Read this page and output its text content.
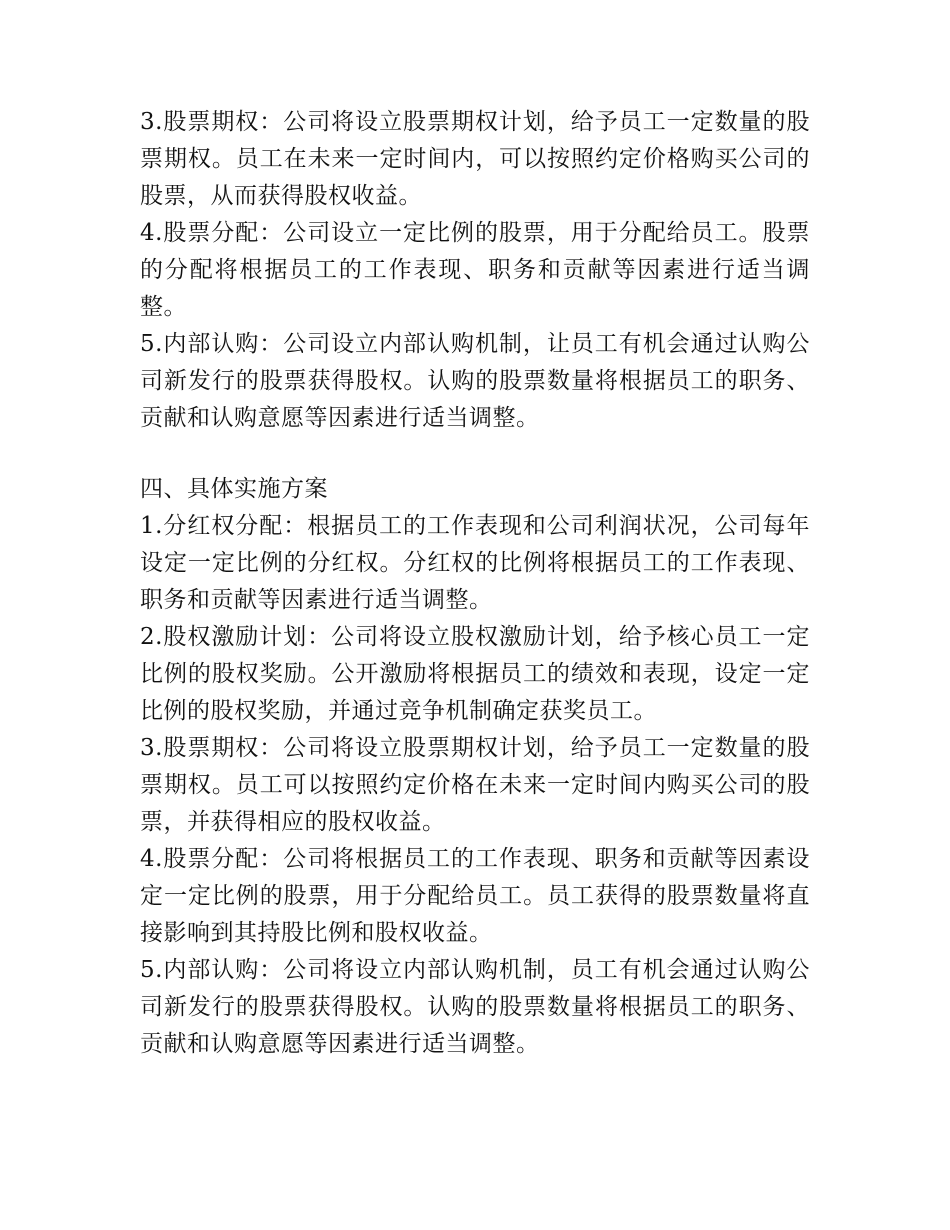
3.股票期权：公司将设立股票期权计划，给予员工一定数量的股票期权。员工在未来一定时间内，可以按照约定价格购买公司的股票，从而获得股权收益。

4.股票分配：公司设立一定比例的股票，用于分配给员工。股票的分配将根据员工的工作表现、职务和贡献等因素进行适当调整。

5.内部认购：公司设立内部认购机制，让员工有机会通过认购公司新发行的股票获得股权。认购的股票数量将根据员工的职务、贡献和认购意愿等因素进行适当调整。

四、具体实施方案

1.分红权分配：根据员工的工作表现和公司利润状况，公司每年设定一定比例的分红权。分红权的比例将根据员工的工作表现、职务和贡献等因素进行适当调整。

2.股权激励计划：公司将设立股权激励计划，给予核心员工一定比例的股权奖励。公开激励将根据员工的绩效和表现，设定一定比例的股权奖励，并通过竞争机制确定获奖员工。

3.股票期权：公司将设立股票期权计划，给予员工一定数量的股票期权。员工可以按照约定价格在未来一定时间内购买公司的股票，并获得相应的股权收益。

4.股票分配：公司将根据员工的工作表现、职务和贡献等因素设定一定比例的股票，用于分配给员工。员工获得的股票数量将直接影响到其持股比例和股权收益。

5.内部认购：公司将设立内部认购机制，员工有机会通过认购公司新发行的股票获得股权。认购的股票数量将根据员工的职务、贡献和认购意愿等因素进行适当调整。
